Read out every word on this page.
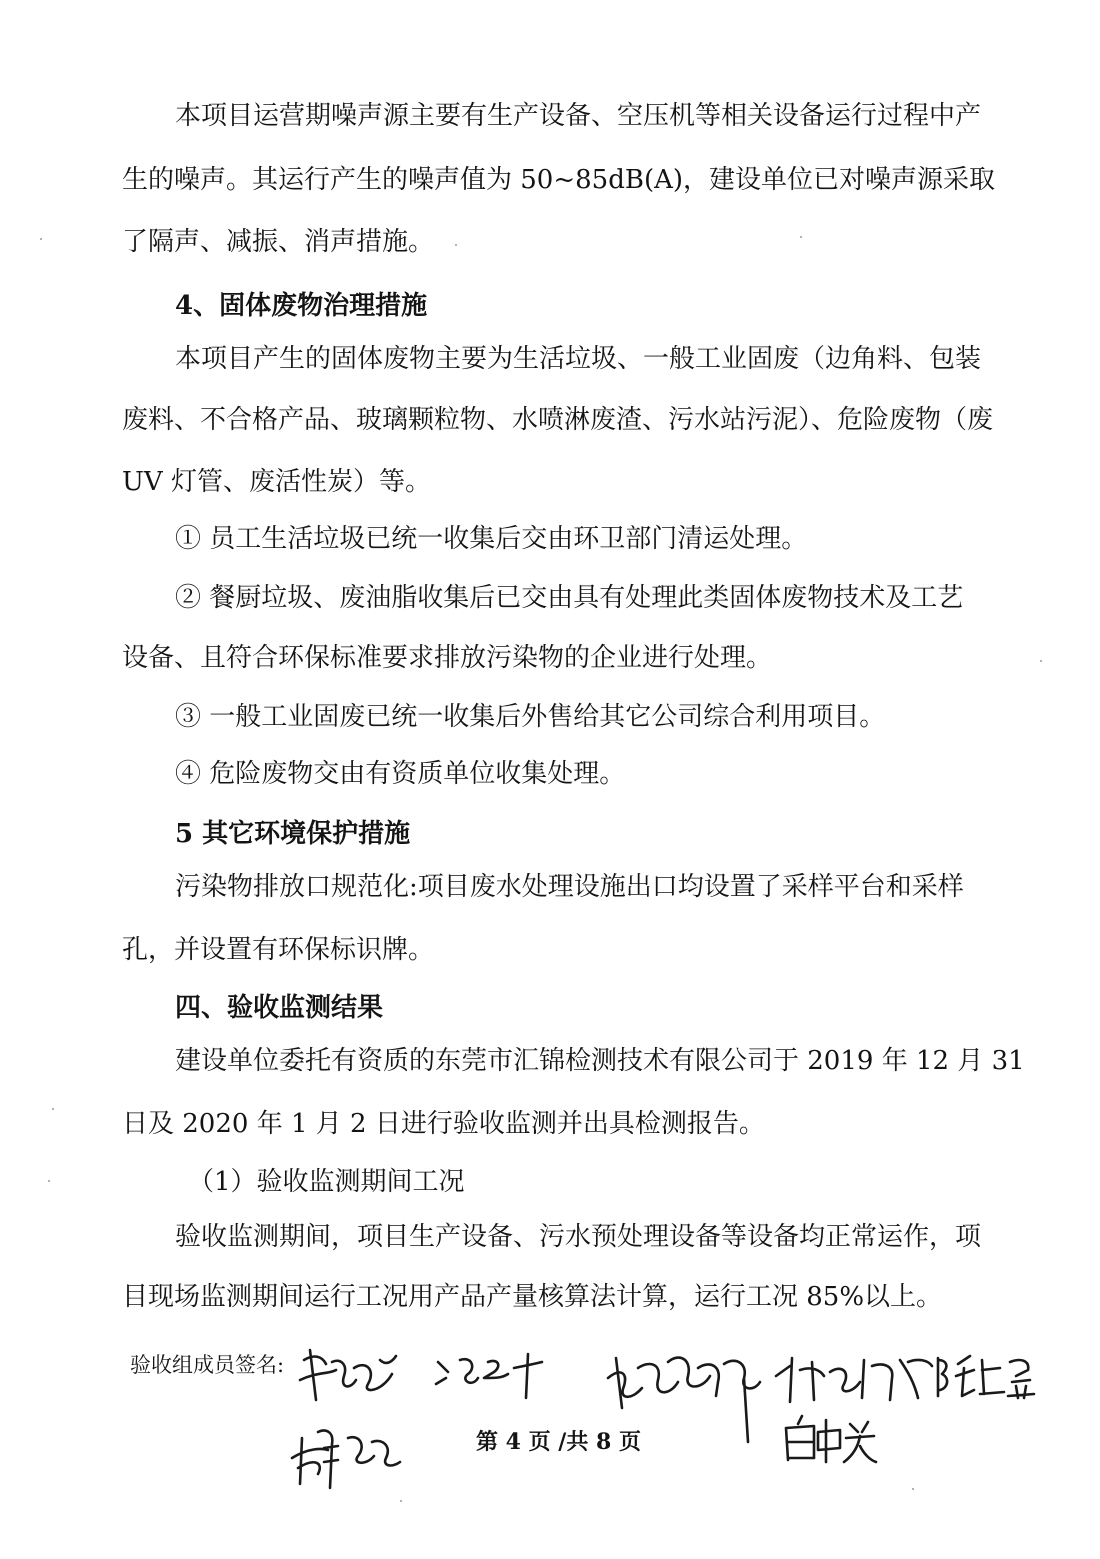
本项目运营期噪声源主要有生产设备、空压机等相关设备运行过程中产
生的噪声。其运行产生的噪声值为 50~85dB(A)，建设单位已对噪声源采取
了隔声、减振、消声措施。
4、固体废物治理措施
本项目产生的固体废物主要为生活垃圾、一般工业固废（边角料、包装
废料、不合格产品、玻璃颗粒物、水喷淋废渣、污水站污泥）、危险废物（废
UV 灯管、废活性炭）等。
① 员工生活垃圾已统一收集后交由环卫部门清运处理。
② 餐厨垃圾、废油脂收集后已交由具有处理此类固体废物技术及工艺
设备、且符合环保标准要求排放污染物的企业进行处理。
③ 一般工业固废已统一收集后外售给其它公司综合利用项目。
④ 危险废物交由有资质单位收集处理。
5 其它环境保护措施
污染物排放口规范化:项目废水处理设施出口均设置了采样平台和采样
孔，并设置有环保标识牌。
四、验收监测结果
建设单位委托有资质的东莞市汇锦检测技术有限公司于 2019 年 12 月 31
日及 2020 年 1 月 2 日进行验收监测并出具检测报告。
（1）验收监测期间工况
验收监测期间，项目生产设备、污水预处理设备等设备均正常运作，项
目现场监测期间运行工况用产品产量核算法计算，运行工况 85%以上。
验收组成员签名:
第 4 页 /共 8 页
